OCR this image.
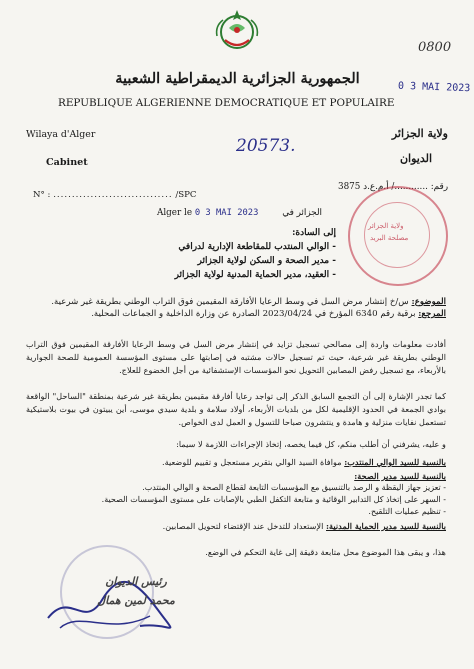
0800
الجمهورية الجزائرية الديمقراطية الشعبية
REPUBLIQUE ALGERIENNE DEMOCRATIQUE ET POPULAIRE
0 3 MAI 2023
Wilaya d'Alger
Cabinet
20573.
N° : ................................ /SPC
ولاية الجزائر
الديوان
رقم: ............/ أ.م.ع.د 3875
Alger le 0 3 MAI 2023	الجزائر في
ولاية الجزائر
مصلحة البريد
إلى السادة:
- الوالي المنتدب للمقاطعة الإدارية لدرافي
- مدير الصحة و السكن لولاية الجزائر
- العقيد، مدير الحماية المدنية لولاية الجزائر
الموضوع: س/خ إنتشار مرض السل في وسط الرعايا الأفارقة المقيمين فوق التراب الوطني بطريقة غير شرعية.
المرجع: برقية رقم 6340 المؤرخ في 2023/04/24 الصادرة عن وزارة الداخلية و الجماعات المحلية.
أفادت معلومات واردة إلى مصالحي تسجيل تزايد في إنتشار مرض السل في وسط الرعايا الأفارقة المقيمين فوق التراب الوطني بطريقة غير شرعية، حيث تم تسجيل حالات مشتبه في إصابتها على مستوى المؤسسة العمومية للصحة الجوارية بالأربعاء، مع تسجيل رفض المصابين التحويل نحو المؤسسات الإستشفائية من أجل الخضوع للعلاج.
كما تجدر الإشارة إلى أن التجمع السابق الذكر إلى تواجد رعايا أفارقة مقيمين بطريقة غير شرعية بمنطقة "الساحل" الواقعة بوادي الجمعة في الحدود الإقليمية لكل من بلديات الأربعاء، أولاد سلامة و بلدية سيدي موسى، أين يبيتون في بيوت بلاستيكية تستعمل نفايات منزلية و هامدة و ينتشرون صباحا للتسول و العمل لدى الخواص.
و عليه، يشرفني أن أطلب منكم، كل فيما يخصه، إتخاذ الإجراءات اللازمة لا سيما:
بالنسبة للسيد الوالي المنتدب: موافاة السيد الوالي بتقرير مستعجل و تقييم للوضعية.
بالنسبة للسيد مدير الصحة:
- تعزيز جهاز اليقظة و الرصد بالتنسيق مع المؤسسات التابعة لقطاع الصحة و الوالي المنتدب.
- السهر على إتخاذ كل التدابير الوقائية و متابعة التكفل الطبي بالإصابات على مستوى المؤسسات الصحية.
- تنظيم عمليات التلقيح.
بالنسبة للسيد مدير الحماية المدنية: الإستعداد للتدخل عند الإقتضاء لتحويل المصابين.
هذا، و يبقى هذا الموضوع محل متابعة دقيقة إلى غاية التحكم في الوضع.
رئيس الديوان
محمد لمين همال
